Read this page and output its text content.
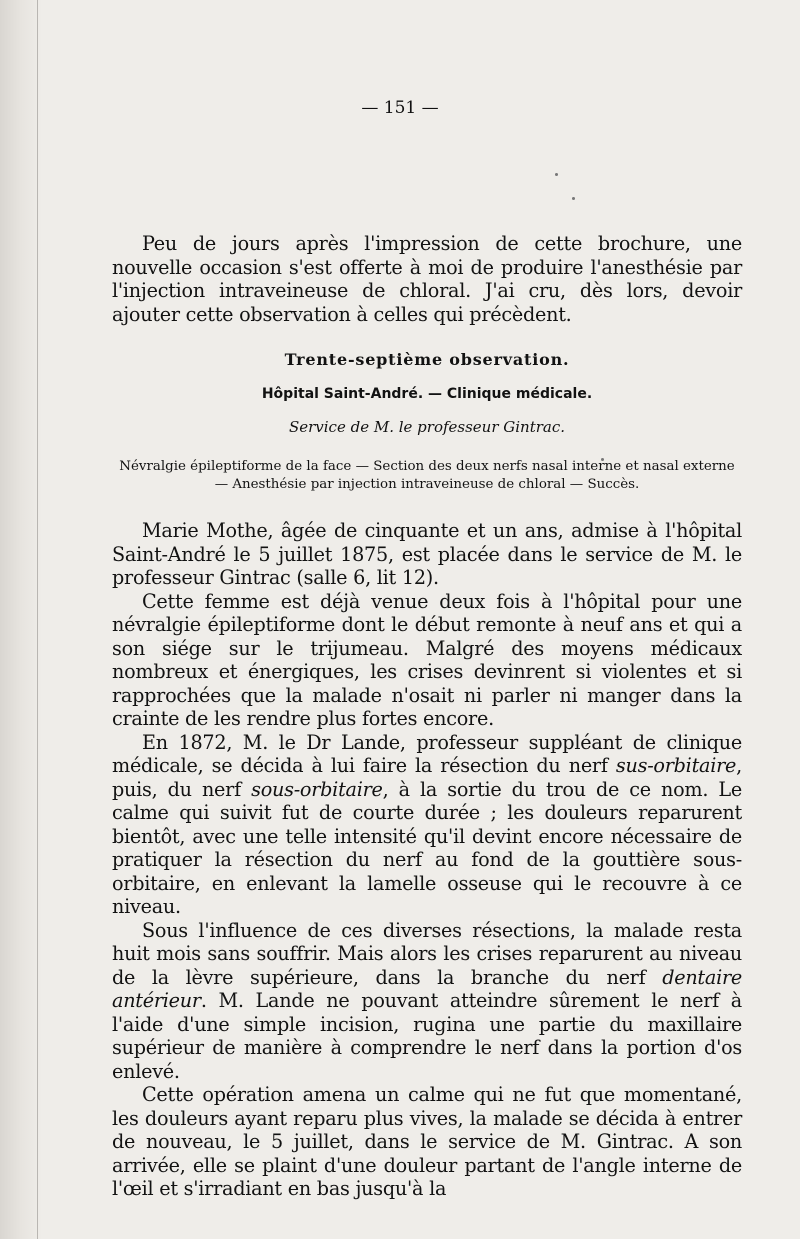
— 151 —

Peu de jours après l'impression de cette brochure, une nouvelle occasion s'est offerte à moi de produire l'anesthésie par l'injection intraveineuse de chloral. J'ai cru, dès lors, devoir ajouter cette observation à celles qui précèdent.

Trente-septième observation.
Hôpital Saint-André. — Clinique médicale.
Service de M. le professeur Gintrac.
Névralgie épileptiforme de la face — Section des deux nerfs nasal interne et nasal externe — Anesthésie par injection intraveineuse de chloral — Succès.

Marie Mothe, âgée de cinquante et un ans, admise à l'hôpital Saint-André le 5 juillet 1875, est placée dans le service de M. le professeur Gintrac (salle 6, lit 12).

Cette femme est déjà venue deux fois à l'hôpital pour une névralgie épileptiforme dont le début remonte à neuf ans et qui a son siége sur le trijumeau. Malgré des moyens médicaux nombreux et énergiques, les crises devinrent si violentes et si rapprochées que la malade n'osait ni parler ni manger dans la crainte de les rendre plus fortes encore.

En 1872, M. le Dr Lande, professeur suppléant de clinique médicale, se décida à lui faire la résection du nerf sus-orbitaire, puis, du nerf sous-orbitaire, à la sortie du trou de ce nom. Le calme qui suivit fut de courte durée ; les douleurs reparurent bientôt, avec une telle intensité qu'il devint encore nécessaire de pratiquer la résection du nerf au fond de la gouttière sous-orbitaire, en enlevant la lamelle osseuse qui le recouvre à ce niveau.

Sous l'influence de ces diverses résections, la malade resta huit mois sans souffrir. Mais alors les crises reparurent au niveau de la lèvre supérieure, dans la branche du nerf dentaire antérieur. M. Lande ne pouvant atteindre sûrement le nerf à l'aide d'une simple incision, rugina une partie du maxillaire supérieur de manière à comprendre le nerf dans la portion d'os enlevé.

Cette opération amena un calme qui ne fut que momentané, les douleurs ayant reparu plus vives, la malade se décida à entrer de nouveau, le 5 juillet, dans le service de M. Gintrac. A son arrivée, elle se plaint d'une douleur partant de l'angle interne de l'œil et s'irradiant en bas jusqu'à la
